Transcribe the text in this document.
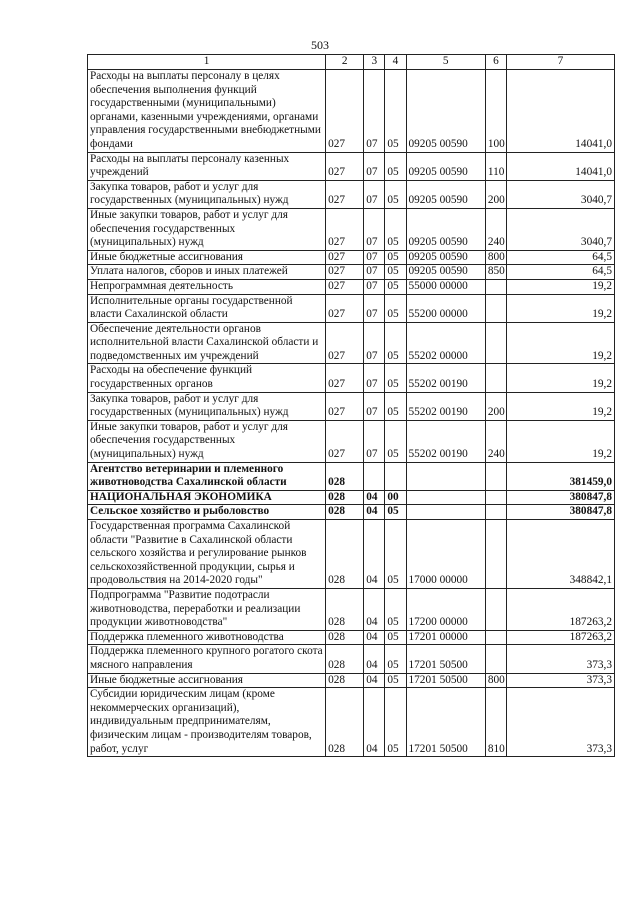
503
1	2	3	4	5	6	7
Расходы на выплаты персоналу в целях обеспечения выполнения функций государственными (муниципальными) органами, казенными учреждениями, органами управления государственными внебюджетными фондами	027	07	05	09205 00590	100	14041,0
Расходы на выплаты персоналу казенных учреждений	027	07	05	09205 00590	110	14041,0
Закупка товаров, работ и услуг для государственных (муниципальных) нужд	027	07	05	09205 00590	200	3040,7
Иные закупки товаров, работ и услуг для обеспечения государственных (муниципальных) нужд	027	07	05	09205 00590	240	3040,7
Иные бюджетные ассигнования	027	07	05	09205 00590	800	64,5
Уплата налогов, сборов и иных платежей	027	07	05	09205 00590	850	64,5
Непрограммная деятельность	027	07	05	55000 00000		19,2
Исполнительные органы государственной власти Сахалинской области	027	07	05	55200 00000		19,2
Обеспечение деятельности органов исполнительной власти Сахалинской области и подведомственных им учреждений	027	07	05	55202 00000		19,2
Расходы на обеспечение функций государственных органов	027	07	05	55202 00190		19,2
Закупка товаров, работ и услуг для государственных (муниципальных) нужд	027	07	05	55202 00190	200	19,2
Иные закупки товаров, работ и услуг для обеспечения государственных (муниципальных) нужд	027	07	05	55202 00190	240	19,2
Агентство ветеринарии и племенного животноводства Сахалинской области	028					381459,0
НАЦИОНАЛЬНАЯ ЭКОНОМИКА	028	04	00			380847,8
Сельское хозяйство и рыболовство	028	04	05			380847,8
Государственная программа Сахалинской области "Развитие в Сахалинской области сельского хозяйства и регулирование рынков сельскохозяйственной продукции, сырья и продовольствия на 2014-2020 годы"	028	04	05	17000 00000		348842,1
Подпрограмма "Развитие подотрасли животноводства, переработки и реализации продукции животноводства"	028	04	05	17200 00000		187263,2
Поддержка племенного животноводства	028	04	05	17201 00000		187263,2
Поддержка племенного крупного рогатого скота мясного направления	028	04	05	17201 50500		373,3
Иные бюджетные ассигнования	028	04	05	17201 50500	800	373,3
Субсидии юридическим лицам (кроме некоммерческих организаций), индивидуальным предпринимателям, физическим лицам - производителям товаров, работ, услуг	028	04	05	17201 50500	810	373,3
